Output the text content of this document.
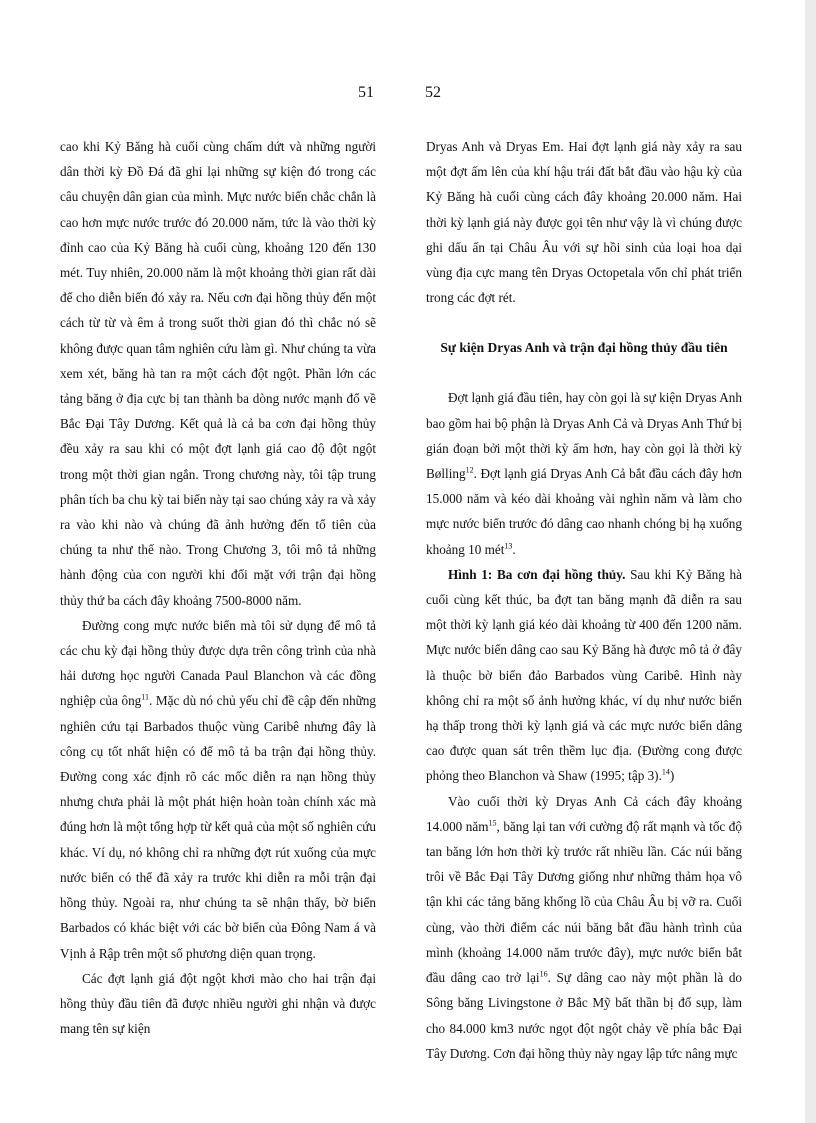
51	52

cao khi Kỷ Băng hà cuối cùng chấm dứt và những người dân thời kỳ Đồ Đá đã ghi lại những sự kiện đó trong các câu chuyện dân gian của mình. Mực nước biển chắc chắn là cao hơn mực nước trước đó 20.000 năm, tức là vào thời kỳ đỉnh cao của Kỷ Băng hà cuối cùng, khoảng 120 đến 130 mét. Tuy nhiên, 20.000 năm là một khoảng thời gian rất dài để cho diễn biến đó xảy ra. Nếu cơn đại hồng thủy đến một cách từ từ và êm ả trong suốt thời gian đó thì chắc nó sẽ không được quan tâm nghiên cứu làm gì. Như chúng ta vừa xem xét, băng hà tan ra một cách đột ngột. Phần lớn các tảng băng ở địa cực bị tan thành ba dòng nước mạnh đổ về Bắc Đại Tây Dương. Kết quả là cả ba cơn đại hồng thủy đều xảy ra sau khi có một đợt lạnh giá cao độ đột ngột trong một thời gian ngắn. Trong chương này, tôi tập trung phân tích ba chu kỳ tai biến này tại sao chúng xảy ra và xảy ra vào khi nào và chúng đã ảnh hưởng đến tổ tiên của chúng ta như thế nào. Trong Chương 3, tôi mô tả những hành động của con người khi đối mặt với trận đại hồng thủy thứ ba cách đây khoảng 7500-8000 năm.

Đường cong mực nước biển mà tôi sử dụng để mô tả các chu kỳ đại hồng thủy được dựa trên công trình của nhà hải dương học người Canada Paul Blanchon và các đồng nghiệp của ông$^{11}$. Mặc dù nó chủ yếu chỉ đề cập đến những nghiên cứu tại Barbados thuộc vùng Caribê nhưng đây là công cụ tốt nhất hiện có để mô tả ba trận đại hồng thủy. Đường cong xác định rõ các mốc diễn ra nạn hồng thủy nhưng chưa phải là một phát hiện hoàn toàn chính xác mà đúng hơn là một tổng hợp từ kết quả của một số nghiên cứu khác. Ví dụ, nó không chỉ ra những đợt rút xuống của mực nước biển có thể đã xảy ra trước khi diễn ra mỗi trận đại hồng thủy. Ngoài ra, như chúng ta sẽ nhận thấy, bờ biển Barbados có khác biệt với các bờ biển của Đông Nam á và Vịnh ả Rập trên một số phương diện quan trọng.

Các đợt lạnh giá đột ngột khơi mào cho hai trận đại hồng thủy đầu tiên đã được nhiều người ghi nhận và được mang tên sự kiện

Dryas Anh và Dryas Em. Hai đợt lạnh giá này xảy ra sau một đợt ấm lên của khí hậu trái đất bắt đầu vào hậu kỳ của Kỷ Băng hà cuối cùng cách đây khoảng 20.000 năm. Hai thời kỳ lạnh giá này được gọi tên như vậy là vì chúng được ghi dấu ấn tại Châu Âu với sự hồi sinh của loại hoa dại vùng địa cực mang tên Dryas Octopetala vốn chỉ phát triển trong các đợt rét.

Sự kiện Dryas Anh và trận đại hồng thủy đầu tiên

Đợt lạnh giá đầu tiên, hay còn gọi là sự kiện Dryas Anh bao gồm hai bộ phận là Dryas Anh Cả và Dryas Anh Thứ bị gián đoạn bởi một thời kỳ ấm hơn, hay còn gọi là thời kỳ Bølling$^{12}$. Đợt lạnh giá Dryas Anh Cả bắt đầu cách đây hơn 15.000 năm và kéo dài khoảng vài nghìn năm và làm cho mực nước biển trước đó dâng cao nhanh chóng bị hạ xuống khoảng 10 mét$^{13}$.

Hình 1: Ba cơn đại hồng thủy. Sau khi Kỷ Băng hà cuối cùng kết thúc, ba đợt tan băng mạnh đã diễn ra sau một thời kỳ lạnh giá kéo dài khoảng từ 400 đến 1200 năm. Mực nước biển dâng cao sau Kỷ Băng hà được mô tả ở đây là thuộc bờ biển đảo Barbados vùng Caribê. Hình này không chỉ ra một số ảnh hưởng khác, ví dụ như nước biển hạ thấp trong thời kỳ lạnh giá và các mực nước biển dâng cao được quan sát trên thềm lục địa. (Đường cong được phỏng theo Blanchon và Shaw (1995; tập 3).$^{14}$)

Vào cuối thời kỳ Dryas Anh Cả cách đây khoảng 14.000 năm$^{15}$, băng lại tan với cường độ rất mạnh và tốc độ tan băng lớn hơn thời kỳ trước rất nhiều lần. Các núi băng trôi về Bắc Đại Tây Dương giống như những thảm họa vô tận khi các tảng băng khổng lồ của Châu Âu bị vỡ ra. Cuối cùng, vào thời điểm các núi băng bắt đầu hành trình của mình (khoảng 14.000 năm trước đây), mực nước biển bắt đầu dâng cao trở lại$^{16}$. Sự dâng cao này một phần là do Sông băng Livingstone ở Bắc Mỹ bất thần bị đổ sụp, làm cho 84.000 km3 nước ngọt đột ngột chảy về phía bắc Đại Tây Dương. Cơn đại hồng thủy này ngay lập tức nâng mực
